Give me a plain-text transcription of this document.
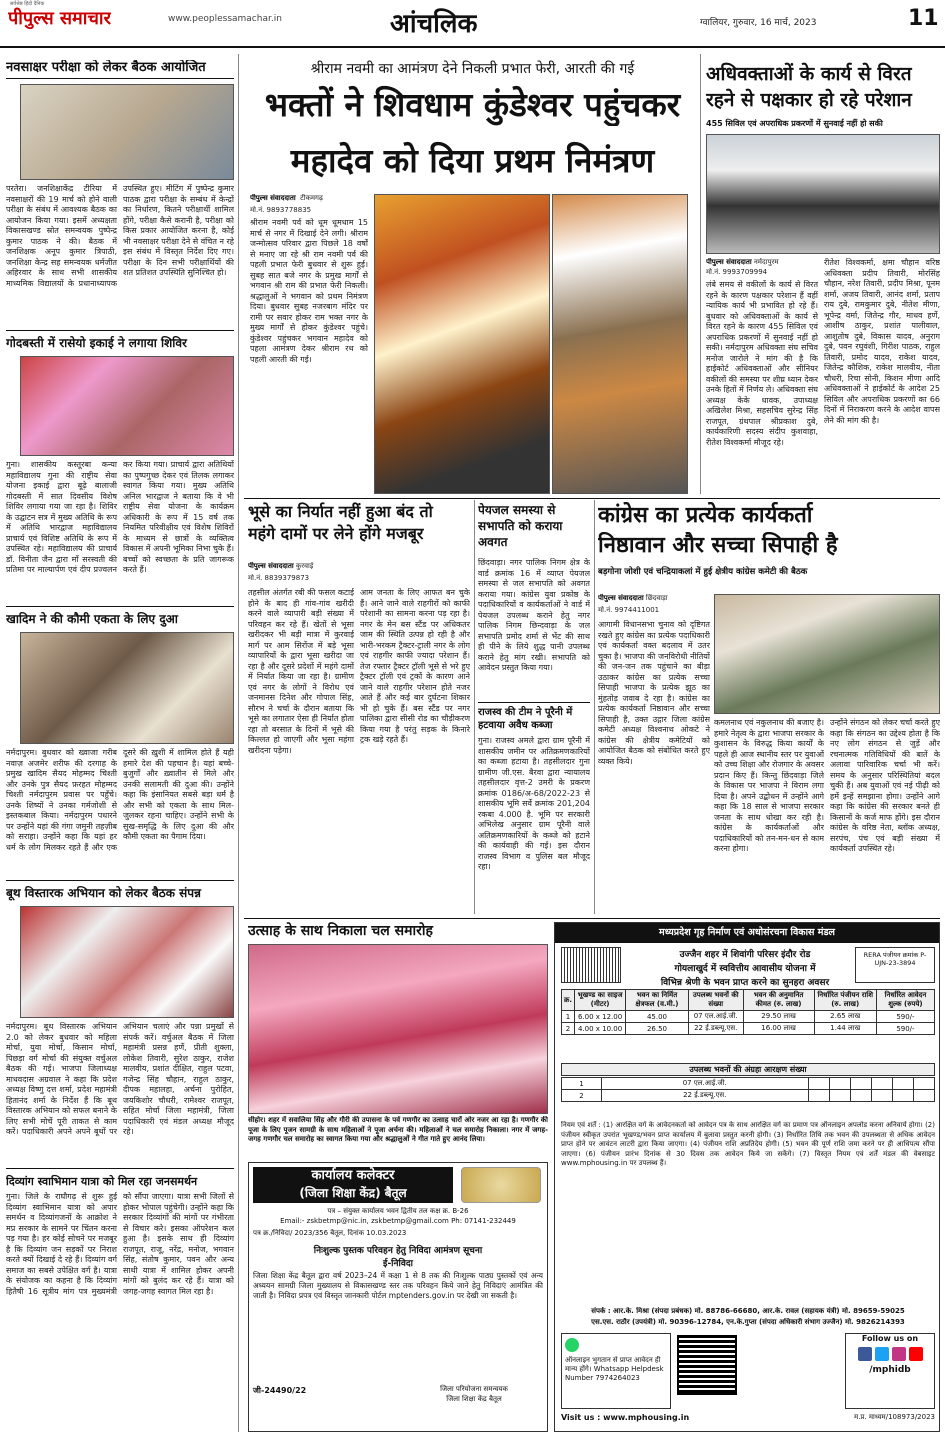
पीपुल्स समाचार
सर्वश्रेष्ठ हिंदी दैनिक
www.peoplessamachar.in	आंचलिक	ग्वालियर, गुरुवार, 16 मार्च, 2023	11
नवसाक्षर परीक्षा को लेकर बैठक आयोजित
परतेरा। जनशिक्षाकेंद्र टीरिया में नवसाक्षरों की 19 मार्च को होने वाली परीक्षा के संबंध में आवश्यक बैठक का आयोजन किया गया। इसमें अध्यक्षता विकासखण्ड स्रोत समन्वयक पुष्पेन्द्र कुमार पाठक ने की। बैठक में जनशिक्षक अनूप कुमार त्रिपाठी, जनशिक्षा केन्द्र सह समन्वयक धर्मजीत अहिरवार के साथ सभी शासकीय माध्यमिक विद्यालयों के प्रधानाध्यापक उपस्थित हुए। मीटिंग में पुष्पेन्द्र कुमार पाठक द्वारा परीक्षा के सम्बंध में केन्द्रों का निर्धारण, कितने परीक्षार्थी शामिल होंगे, परीक्षा कैसे करानी है, परीक्षा को किस प्रकार आयोजित करना है, कोई भी नवसाक्षर परीक्षा देने से वंचित न रहे इस संबंध में विस्तृत निर्देश दिए गए। परीक्षा के दिन सभी परीक्षार्थियों की शत प्रतिशत उपस्थिति सुनिश्चित हो।
गोदबस्ती में रासेयो इकाई ने लगाया शिविर
गुना। शासकीय कस्तूरबा कन्या महाविद्यालय गुना की राष्ट्रीय सेवा योजना इकाई द्वारा बूढ़े बालाजी गोदबस्ती में सात दिवसीय विशेष शिविर लगाया गया जा रहा है। शिविर के उद्घाटन सत्र में मुख्य अतिथि के रूप में अतिथि भारद्वाज महाविद्यालय प्राचार्य एवं विशिष्ट अतिथि के रूप में उपस्थित रहे। महाविद्यालय की प्राचार्य डॉ. विनीता जैन द्वारा माँ सरस्वती की प्रतिमा पर माल्यार्पण एवं दीप प्रज्वलन कर किया गया। प्राचार्य द्वारा अतिथियों का पुष्पगुच्छ देकर एवं तिलक लगाकर स्वागत किया गया। मुख्य अतिथि अनिल भारद्वाज ने बताया कि वे भी राष्ट्रीय सेवा योजना के कार्यक्रम अधिकारी के रूप में 15 वर्ष तक नियमित परिवीक्षीय एवं विशेष शिविरों के माध्यम से छात्रों के व्यक्तित्व विकास में अपनी भूमिका निभा चुके हैं। बच्चों को स्वच्छता के प्रति जागरूक करते हैं।
खादिम ने की कौमी एकता के लिए दुआ
नर्मदापुरम। बुधवार को ख्वाजा गरीब नवाज़ अजमेर शरीफ की दरगाह के प्रमुख खादिम सैयद मोहम्मद चिश्ती और उनके पुत्र सैयद फ़रहत मोहम्मद चिश्ती नर्मदापुरम प्रवास पर पहुँचे। उनके शिष्यों ने उनका गर्मजोशी से इस्तकबाल किया। नर्मदापुरम पधारने पर उन्होंने यहां की गंगा जमुनी तहज़ीब को सराहा। उन्होंने कहा कि यहां हर धर्म के लोग मिलकर रहते हैं और एक दूसरे की ख़ुशी में शामिल होते हैं यही हमारे देश की पहचान है। यहां बच्चे-बुजुर्गों और ख़्वातीन से मिले और उनकी सलामती की दुआ की। उन्होंने कहा कि इंसानियत सबसे बड़ा धर्म है और सभी को एकता के साथ मिल-जुलकर रहना चाहिए। उन्होंने सभी के सुख-समृद्धि के लिए दुआ की और कौमी एकता का पैगाम दिया।
बूथ विस्तारक अभियान को लेकर बैठक संपन्न
नर्मदापुरम। बूथ विस्तारक अभियान 2.0 को लेकर बुधवार को महिला मोर्चा, युवा मोर्चा, किसान मोर्चा, पिछड़ा वर्ग मोर्चा की संयुक्त वर्चुअल बैठक की गई। भाजपा जिलाध्यक्ष माधवदास अग्रवाल ने कहा कि प्रदेश अध्यक्ष विष्णु दत्त शर्मा, प्रदेश महामंत्री हितानंद शर्मा के निर्देश हैं कि बूथ विस्तारक अभियान को सफल बनाने के लिए सभी मोर्चे पूरी ताकत से काम करें। पदाधिकारी अपने अपने बूथों पर अभियान चलाएं और पन्ना प्रमुखों से संपर्क करें। वर्चुअल बैठक में जिला महामंत्री प्रसन्न हर्णे, प्रीती शुक्ला, लोकेश तिवारी, सुरेश ठाकुर, राजेश मालवीय, प्रशांत दीक्षित, राहुल पटवा, गजेन्द्र सिंह चौहान, राहुल ठाकुर, दीपक महालहा, अर्चना पुरोहित, जयकिशोर चौधरी, रामेश्वर राजपूत, सहित मोर्चा जिला महामंत्री, जिला पदाधिकारी एवं मंडल अध्यक्ष मौजूद रहे।
दिव्यांग स्वाभिमान यात्रा को मिल रहा जनसमर्थन
गुना। जिले के राघौगढ़ से शुरू हुई दिव्यांग स्वाभिमान यात्रा को अपार समर्थन व दिव्यांगजनों के आक्रोश ने मप्र सरकार के सामने पर चिंतन करना पड़ गया है। हर कोई सोचने पर मजबूर है कि दिव्यांग जन सड़कों पर निराश करते क्यों दिखाई दे रहे हैं। दिव्यांग वर्ग समाज का सबसे उपेक्षित वर्ग है। यात्रा के संयोजक का कहना है कि दिव्यांग हितैषी 16 सूत्रीय मांग पत्र मुख्यमंत्री को सौंपा जाएगा। यात्रा सभी जिलों से होकर भोपाल पहुंचेगी। उन्होंने कहा कि सरकार दिव्यांगों की मांगों पर गंभीरता से विचार करे। इसका ऑपरेशन कल हुआ है। इसके साथ ही दिव्यांग राजपूत, राजू, नरेंद्र, मनोज, भगवान सिंह, संतोष कुमार, पवन और अन्य साथी यात्रा में शामिल होकर अपनी मांगों को बुलंद कर रहे हैं। यात्रा को जगह-जगह स्वागत मिल रहा है।
श्रीराम नवमी का आमंत्रण देने निकली प्रभात फेरी, आरती की गई
भक्तों ने शिवधाम कुंडेश्वर पहुंचकर
महादेव को दिया प्रथम निमंत्रण
पीपुल्स संवाददाता टीकमगढ़
मो.नं. 9893778835
श्रीराम नवमी पर्व को धूम धूमधाम 15 मार्च से नगर में दिखाई देने लगी। श्रीराम जन्मोत्सव परिवार द्वारा पिछले 18 वर्षों से मनाए जा रहे श्री राम नवमी पर्व की पहली प्रभात फेरी बुधवार से शुरू हुई। सुबह सात बजे नगर के प्रमुख मार्गों से भगवान श्री राम की प्रभात फेरी निकली। श्रद्धालुओं ने भगवान को प्रथम निमंत्रण दिया। बुधवार सुबह नजरबाग मंदिर पर रामी पर सवार होकर राम भक्त नगर के मुख्य मार्गों से होकर कुंडेश्वर पहुंचे। कुंडेश्वर पहुंचकर भगवान महादेव को पहला आमंत्रण देकर श्रीराम रथ को पहली आरती की गई।
अधिवक्ताओं के कार्य से विरत
रहने से पक्षकार हो रहे परेशान
455 सिविल एवं अपराधिक प्रकरणों में सुनवाई नहीं हो सकी
पीपुल्स संवाददाता नर्मदापुरम
मो.नं. 9993709994
लंबे समय से वकीलों के कार्य से विरत रहने के कारण पक्षकार परेशान हैं वहीं न्यायिक कार्य भी प्रभावित हो रहे हैं। बुधवार को अधिवक्ताओं के कार्य से विरत रहने के कारण 455 सिविल एवं अपराधिक प्रकरणों में सुनवाई नहीं हो सकी। नर्मदापुरम अधिवक्ता संघ सचिव मनोज जारोले ने मांग की है कि हाईकोर्ट अधिवक्ताओं और सीनियर वकीलों की समस्या पर शीघ्र ध्यान देकर उनके हितों में निर्णय ले। अधिवक्ता संघ अध्यक्ष केके धावक, उपाध्यक्ष अखिलेश मिश्रा, सहसचिव सुरेन्द्र सिंह राजपूत, ग्रंथपाल श्रीप्रकाश दुबे, कार्यकारिणी सदस्य संदीप कुशवाहा, रीतेश विश्वकर्मा मौजूद रहे।
रीतेश विश्वकर्मा, क्षमा चौहान वरिष्ठ अधिवक्ता प्रदीप तिवारी, मोरसिंह चौहान, नरेश तिवारी, प्रदीप मिश्रा, पूनम शर्मा, अजय तिवारी, आनंद शर्मा, प्रताप राय दुबे, रामकुमार दुबे, नीतेश मीणा, भूपेन्द्र वर्मा, जितेन्द्र गौर, माधव हर्णे, आशीष ठाकुर, प्रशांत पालीवाल, आशुतोष दुबे, विकास यादव, अनुराग दुबे, पवन रघुवंशी, गिरीश पाठक, राहुल तिवारी, प्रमोद यादव, राकेश यादव, जितेन्द्र कौशिक, राकेश मालवीय, नीता चौधरी, रिचा सोनी, किशन मीणा आदि अधिवक्ताओं ने हाईकोर्ट के आदेश 25 सिविल और अपराधिक प्रकरणों का 66 दिनों में निराकरण करने के आदेश वापस लेने की मांग की है।
भूसे का निर्यात नहीं हुआ बंद तो
महंगे दामों पर लेने होंगे मजबूर
पीपुल्स संवाददाता कुरवाई
मो.नं. 8839379873
तहसील अंतर्गत रबी की फसल कटाई होने के बाद ही गांव-गांव खरीदी करने वाले व्यापारी बड़ी संख्या में परिवहन कर रहे हैं। खेतों से भूसा खरीदकर भी बड़ी मात्रा में कुरवाई मार्ग पर आम सिरोंज में बड़े भूसा व्यापारियों के द्वारा भूसा खरीदा जा रहा है और दूसरे प्रदेशों में महंगे दामों में निर्यात किया जा रहा है। ग्रामीण एवं नगर के लोगों ने विरोध एवं जनमानस दिनेश और गोपाल सिंह, सौरभ ने चर्चा के दौरान बताया कि भूसे का लगातार ऐसा ही निर्यात होता रहा तो बरसात के दिनों में भूसे की किल्लत हो जाएगी और भूसा महंगा खरीदना पड़ेगा।
आम जनता के लिए आफत बन चुके हैं। आने जाने वाले राहगीरों को काफी परेशानी का सामना करना पड़ रहा है। नगर के मेन बस स्टैंड पर अधिकतर जाम की स्थिति उत्पन्न हो रही है और भारी-भरकम ट्रैक्टर-ट्राली नगर के लोग एवं राहगीर काफी ज्यादा परेशान हैं। तेज रफ्तार ट्रैक्टर ट्रॉली भूसे से भरे हुए ट्रैक्टर ट्रॉली एवं ट्रकों के कारण आने जाने वाले राहगीर परेशान होते नजर आते हैं और कई बार दुर्घटना शिकार भी हो चुके हैं। बस स्टैंड पर नगर पालिका द्वारा सीसी रोड का चौड़ीकरण किया गया है परंतु सड़क के किनारे ट्रक खड़े रहते हैं।
पेयजल समस्या से सभापति को कराया अवगत
छिंदवाड़ा। नगर पालिक निगम क्षेत्र के वार्ड क्रमांक 16 में व्याप्त पेयजल समस्या से जल सभापति को अवगत कराया गया। कांग्रेस युवा प्रकोष्ठ के पदाधिकारियों व कार्यकर्ताओं ने वार्ड में पेयजल उपलब्ध कराने हेतु नगर पालिक निगम छिन्दवाड़ा के जल सभापति प्रमोद शर्मा से भेंट की साथ ही पीने के लिये शुद्ध पानी उपलब्ध कराने हेतु मांग रखी। सभापति को आवेदन प्रस्तुत किया गया।
राजस्व की टीम ने पूरैनी में हटवाया अवैध कब्जा
गुना। राजस्व अमले द्वारा ग्राम पूरैनी में शासकीय जमीन पर अतिक्रमणकारियों का कब्जा हटाया है। तहसीलदार गुना ग्रामीण जी.एस. बैरवा द्वारा न्यायालय तहसीलदार वृत्त-2 उमरी के प्रकरण क्रमांक 0186/अ-68/2022-23 से शासकीय भूमि सर्वे क्रमांक 201,204 रकबा 4.000 है. भूमि पर सरकारी अभिलेख अनुसार ग्राम पूरैनी वाले अतिक्रमणकारियों के कब्जे को हटाने की कार्यवाही की गई। इस दौरान राजस्व विभाग व पुलिस बल मौजूद रहा।
कांग्रेस का प्रत्येक कार्यकर्ता
निष्ठावान और सच्चा सिपाही है
बड़गोना जोशी एवं चन्द्रियाकलां में हुई क्षेत्रीय कांग्रेस कमेटी की बैठक
पीपुल्स संवाददाता छिंदवाड़ा
मो.नं. 9974411001
आगामी विधानसभा चुनाव को दृष्टिगत रखते हुए कांग्रेस का प्रत्येक पदाधिकारी एवं कार्यकर्ता वक्त बदलाव में उतर चुका है। भाजपा की जनविरोधी नीतियों की जन-जन तक पहुंचाने का बीड़ा उठाकर कांग्रेस का प्रत्येक सच्चा सिपाही भाजपा के प्रत्येक झूठ का मुंहतोड़ जवाब दे रहा है। कांग्रेस का प्रत्येक कार्यकर्ता निष्ठावान और सच्चा सिपाही है, उक्त उद्गार जिला कांग्रेस कमेटी अध्यक्ष विश्वनाथ ओकटे ने कांग्रेस की क्षेत्रीय कमेटियों को आयोजित बैठक को संबोधित करते हुए व्यक्त किये।
कमलनाथ एवं नकुलनाथ की बजाए है। हमारे नेतृत्व के द्वारा भाजपा सरकार के कुशासन के विरुद्ध किया कार्यों के पहले ही आज स्थानीय स्तर पर युवाओं को उच्च शिक्षा और रोजगार के अवसर प्रदान किए हैं। किन्तु छिंदवाड़ा जिले के विकास पर भाजपा ने विराम लगा दिया है। अपने उद्बोधन में उन्होंने आगे कहा कि 18 साल से भाजपा सरकार जनता के साथ धोखा कर रही है। कांग्रेस के कार्यकर्ताओं और पदाधिकारियों को तन-मन-धन से काम करना होगा।
उन्होंने संगठन को लेकर चर्चा करते हुए कहा कि संगठन का उद्देश्य होता है कि नए लोग संगठन से जुड़ें और रचनात्मक गतिविधियों की बातें के अलावा पारिवारिक चर्चा भी करें। समय के अनुसार परिस्थितियां बदल चुकी हैं। अब युवाओं एवं नई पीढ़ी को हमें इन्हें समझाना होगा। उन्होंने आगे कहा कि कांग्रेस की सरकार बनते ही किसानों के कर्ज माफ होंगे। इस दौरान कांग्रेस के वरिष्ठ नेता, ब्लॉक अध्यक्ष, सरपंच, पंच एवं बड़ी संख्या में कार्यकर्ता उपस्थित रहे।
उत्साह के साथ निकाला चल समारोह
सीहोर। शहर में सवालिया सिंह और गौरी की उपासना के पर्व गणगौर का उत्साह चारों ओर नजर आ रहा है। गणगौर की पूजा के लिए पूजन सामग्री के साथ महिलाओं ने पूजा अर्चना की। महिलाओं ने चल समारोह निकाला। नगर में जगह-जगह गणगौर चल समारोह का स्वागत किया गया और श्रद्धालुओं ने गीत गाते हुए आनंद लिया।
कार्यालय कलेक्टर
(जिला शिक्षा केंद्र) बैतूल
पत्र – संयुक्त कार्यालय भवन द्वितीय तल कक्ष क्र. B-26
Email:- zskbetmp@nic.in, zskbetmp@gmail.com Ph: 07141-232449
पत्र क्र./निविदा/ 2023/356 बैतूल, दिनांक 10.03.2023
निःशुल्क पुस्तक परिवहन हेतु निविदा आमंत्रण सूचना
ई-निविदा
जिला शिक्षा केंद्र बैतूल द्वारा वर्ष 2023–24 में कक्षा 1 से 8 तक की निःशुल्क पाठ्य पुस्तकों एवं अन्य अध्ययन सामग्री जिला मुख्यालय से विकासखण्ड स्तर तक परिवहन किये जाने हेतु निविदाएं आमंत्रित की जाती है। निविदा प्रपत्र एवं विस्तृत जानकारी पोर्टल mptenders.gov.in पर देखी जा सकती है।
जी-24490/22	जिला परियोजना समन्वयक
जिला शिक्षा केंद्र बैतूल
मध्यप्रदेश गृह निर्माण एवं अधोसंरचना विकास मंडल
उज्जैन शहर में शिवांगी परिसर इंदौर रोड
गोयलाखुर्द में स्ववित्तीय आवासीय योजना में
विभिन्न श्रेणी के भवन प्राप्त करने का सुनहरा अवसर
RERA पंजीयन क्रमांक P-UJN-23-3894
क्र.	भूखण्ड का साइज (मीटर)	भवन का निर्मित क्षेत्रफल (व.मी.)	उपलब्ध भवनों की संख्या	भवन की अनुमानित कीमत (रु. लाख)	निर्धारित पंजीयन राशि (रु. लाख)	निर्धारित आवेदन शुल्क (रुपये)
1	6.00 x 12.00	45.00	07 एल.आई.जी.	29.50 लाख	2.65 लाख	590/-
2	4.00 x 10.00	26.50	22 ई.डब्ल्यू.एस.	16.00 लाख	1.44 लाख	590/-
उपलब्ध भवनों की अंग्रहा आरक्षण संख्या
1	07 एल.आई.जी.						
2	22 ई.डब्ल्यू.एस.						
नियम एवं शर्तें : (1) आरक्षित वर्ग के आवेदनकर्ता को आवेदन पत्र के साथ आरक्षित वर्ग का प्रमाण पत्र ऑनलाइन अपलोड करना अनिवार्य होगा। (2) पंजीयन स्वीकृत उपरांत भूखण्ड/भवन प्राप्त कार्यालय में बुलावा प्रस्तुत करनी होगी। (3) निर्धारित तिथि तक भवन की उपलब्धता से अधिक आवेदन प्राप्त होने पर आवंटन लाटरी द्वारा किया जाएगा। (4) पंजीयन राशि अप्रतिदेय होगी। (5) भवन की पूर्ण राशि जमा करने पर ही आधिपत्य सौंपा जाएगा। (6) पंजीयन प्रारंभ दिनांक से 30 दिवस तक आवेदन किये जा सकेंगे। (7) विस्तृत नियम एवं शर्तें मंडल की वेबसाइट www.mphousing.in पर उपलब्ध हैं।
संपर्क : आर.के. मिश्रा (संपदा प्रबंधक) मो. 88786-66680, आर.के. रावल (सहायक यंत्री) मो. 89659-59025
एस.एस. राठौर (उपयंत्री) मो. 90396-12784, एन.के.गुप्ता (संपदा अधिकारी संभाग उज्जैन) मो. 9826214393
ऑनलाइन भुगतान से प्राप्त आवेदन ही मान्य होंगे। Whatsapp Helpdesk Number 7974264023
Follow us on
/mphidb
Visit us : www.mphousing.in	म.प्र. माध्यम/108973/2023
